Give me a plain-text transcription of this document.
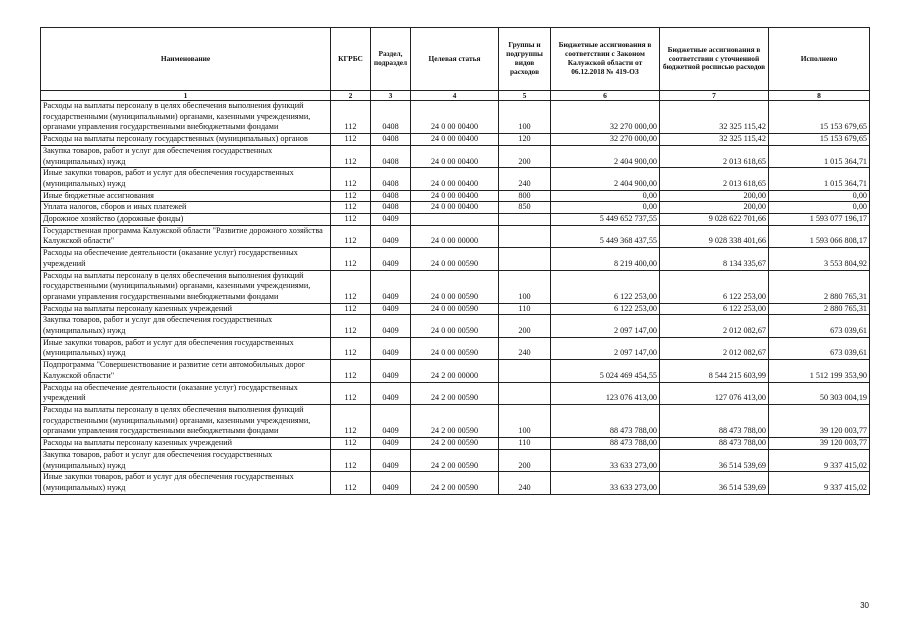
Наименование	КГРБС	Раздел, подраздел	Целевая статья	Группы и подгруппы видов расходов	Бюджетные ассигнования в соответствии с Законом Калужской области от 06.12.2018 № 419-ОЗ	Бюджетные ассигнования в соответствии с уточненной бюджетной росписью расходов	Исполнено
1	2	3	4	5	6	7	8
Расходы на выплаты персоналу в целях обеспечения выполнения функций государственными (муниципальными) органами, казенными учреждениями, органами управления государственными внебюджетными фондами	112	0408	24 0 00 00400	100	32 270 000,00	32 325 115,42	15 153 679,65
Расходы на выплаты персоналу государственных (муниципальных) органов	112	0408	24 0 00 00400	120	32 270 000,00	32 325 115,42	15 153 679,65
Закупка товаров, работ и услуг для обеспечения государственных (муниципальных) нужд	112	0408	24 0 00 00400	200	2 404 900,00	2 013 618,65	1 015 364,71
Иные закупки товаров, работ и услуг для обеспечения государственных (муниципальных) нужд	112	0408	24 0 00 00400	240	2 404 900,00	2 013 618,65	1 015 364,71
Иные бюджетные ассигнования	112	0408	24 0 00 00400	800	0,00	200,00	0,00
Уплата налогов, сборов и иных платежей	112	0408	24 0 00 00400	850	0,00	200,00	0,00
Дорожное хозяйство (дорожные фонды)	112	0409			5 449 652 737,55	9 028 622 701,66	1 593 077 196,17
Государственная программа Калужской области "Развитие дорожного хозяйства Калужской области"	112	0409	24 0 00 00000		5 449 368 437,55	9 028 338 401,66	1 593 066 808,17
Расходы на обеспечение деятельности (оказание услуг) государственных учреждений	112	0409	24 0 00 00590		8 219 400,00	8 134 335,67	3 553 804,92
Расходы на выплаты персоналу в целях обеспечения выполнения функций государственными (муниципальными) органами, казенными учреждениями, органами управления государственными внебюджетными фондами	112	0409	24 0 00 00590	100	6 122 253,00	6 122 253,00	2 880 765,31
Расходы на выплаты персоналу казенных учреждений	112	0409	24 0 00 00590	110	6 122 253,00	6 122 253,00	2 880 765,31
Закупка товаров, работ и услуг для обеспечения государственных (муниципальных) нужд	112	0409	24 0 00 00590	200	2 097 147,00	2 012 082,67	673 039,61
Иные закупки товаров, работ и услуг для обеспечения государственных (муниципальных) нужд	112	0409	24 0 00 00590	240	2 097 147,00	2 012 082,67	673 039,61
Подпрограмма "Совершенствование и развитие сети автомобильных дорог Калужской области"	112	0409	24 2 00 00000		5 024 469 454,55	8 544 215 603,99	1 512 199 353,90
Расходы на обеспечение деятельности (оказание услуг) государственных учреждений	112	0409	24 2 00 00590		123 076 413,00	127 076 413,00	50 303 004,19
Расходы на выплаты персоналу в целях обеспечения выполнения функций государственными (муниципальными) органами, казенными учреждениями, органами управления государственными внебюджетными фондами	112	0409	24 2 00 00590	100	88 473 788,00	88 473 788,00	39 120 003,77
Расходы на выплаты персоналу казенных учреждений	112	0409	24 2 00 00590	110	88 473 788,00	88 473 788,00	39 120 003,77
Закупка товаров, работ и услуг для обеспечения государственных (муниципальных) нужд	112	0409	24 2 00 00590	200	33 633 273,00	36 514 539,69	9 337 415,02
Иные закупки товаров, работ и услуг для обеспечения государственных (муниципальных) нужд	112	0409	24 2 00 00590	240	33 633 273,00	36 514 539,69	9 337 415,02
30
